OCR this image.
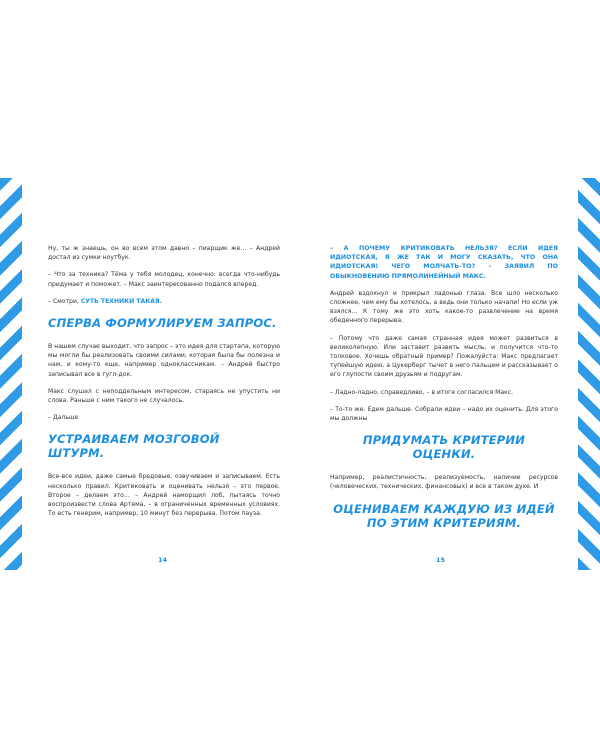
Ну, ты ж знаешь, он во всем этом давно – пиарщик же… – Андрей достал из сумки ноутбук.

– Что за техника? Тёма у тебя молодец, конечно: всегда что-нибудь придумает и поможет. – Макс заинтересованно подался вперед.

– Смотри, СУТЬ ТЕХНИКИ ТАКАЯ.

СПЕРВА ФОРМУЛИРУЕМ ЗАПРОС.

В нашем случае выходит, что запрос – это идея для стартапа, которую мы могли бы реализовать своими силами, которая была бы полезна и нам, и кому-то еще, например одноклассникам. – Андрей быстро записывал все в гугл-док.

Макс слушал с неподдельным интересом, стараясь не упустить ни слова. Раньше с ним такого не случалось.

– Дальше

УСТРАИВАЕМ МОЗГОВОЙ ШТУРМ.

Все-все идеи, даже самые бредовые, озвучиваем и записываем. Есть несколько правил. Критиковать и оценивать нельзя – это первое. Второе – делаем это… – Андрей наморщил лоб, пытаясь точно воспроизвести слова Артема, – в ограниченных временных условиях. То есть генерим, например, 10 минут без перерыва. Потом пауза.

– А ПОЧЕМУ КРИТИКОВАТЬ НЕЛЬЗЯ? ЕСЛИ ИДЕЯ ИДИОТСКАЯ, Я ЖЕ ТАК И МОГУ СКАЗАТЬ, ЧТО ОНА ИДИОТСКАЯ! ЧЕГО МОЛЧАТЬ-ТО? – ЗАЯВИЛ ПО ОБЫКНОВЕНИЮ ПРЯМОЛИНЕЙНЫЙ МАКС.

Андрей вздохнул и прикрыл ладонью глаза. Все шло несколько сложнее, чем ему бы хотелось, а ведь они только начали! Но если уж взялся… К тому же это хоть какое-то развлечение на время обеденного перерыва.

– Потому что даже самая странная идея может развиться в великолепную. Или заставит развить мысль, и получится что-то толковое. Хочешь обратный пример? Пожалуйста: Макс предлагает тупейшую идею, а Цукерберг тычет в него пальцем и рассказывает о его глупости своим друзьям и подругам.

– Ладно-ладно, справедливо, – в итоге согласился Макс.

– То-то же. Едем дальше. Собрали идеи – надо их оценить. Для этого мы должны

ПРИДУМАТЬ КРИТЕРИИ ОЦЕНКИ.

Например, реалистичность, реализуемость, наличие ресурсов (человеческих, технических, финансовых) и все в таком духе. И

ОЦЕНИВАЕМ КАЖДУЮ ИЗ ИДЕЙ
ПО ЭТИМ КРИТЕРИЯМ.
14	15
